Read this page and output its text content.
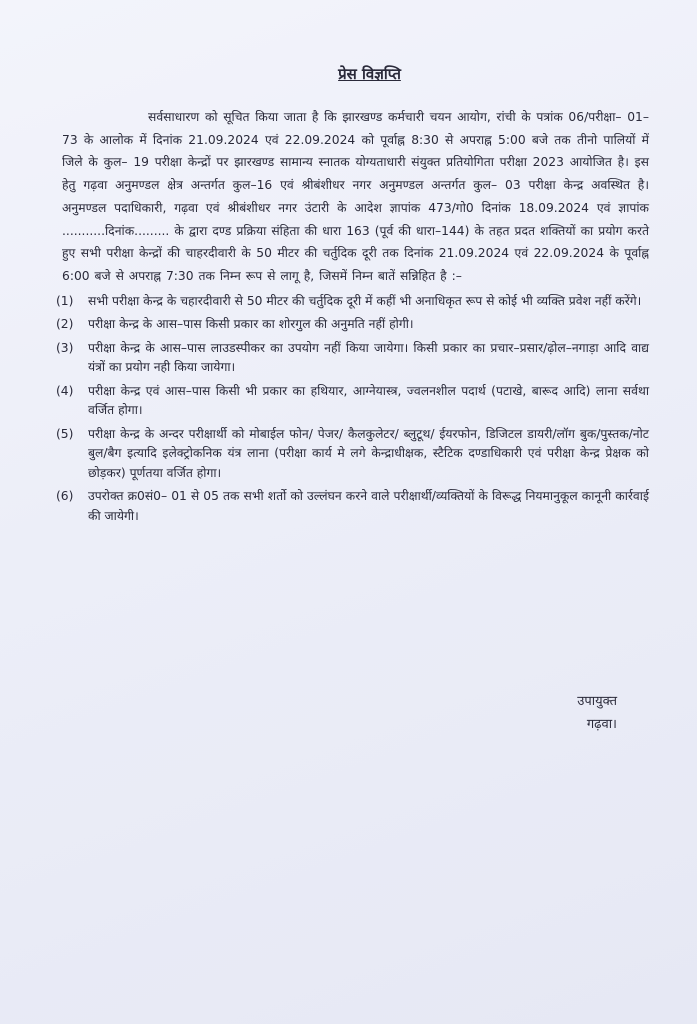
प्रेस विज्ञप्ति

सर्वसाधारण को सूचित किया जाता है कि झारखण्ड कर्मचारी चयन आयोग, रांची के पत्रांक 06/परीक्षा– 01–73 के आलोक में दिनांक 21.09.2024 एवं 22.09.2024 को पूर्वाह्न 8:30 से अपराह्न 5:00 बजे तक तीनो पालियों में जिले के कुल– 19 परीक्षा केन्द्रों पर झारखण्ड सामान्य स्नातक योग्यताधारी संयुक्त प्रतियोगिता परीक्षा 2023 आयोजित है। इस हेतु गढ़वा अनुमण्डल क्षेत्र अन्तर्गत कुल–16 एवं श्रीबंशीधर नगर अनुमण्डल अन्तर्गत कुल– 03 परीक्षा केन्द्र अवस्थित है। अनुमण्डल पदाधिकारी, गढ़वा एवं श्रीबंशीधर नगर उंटारी के आदेश ज्ञापांक 473/गो0 दिनांक 18.09.2024 एवं ज्ञापांक ...........दिनांक......... के द्वारा दण्ड प्रक्रिया संहिता की धारा 163 (पूर्व की धारा–144) के तहत प्रदत शक्तियों का प्रयोग करते हुए सभी परीक्षा केन्द्रों की चाहरदीवारी के 50 मीटर की चर्तुदिक दूरी तक दिनांक 21.09.2024 एवं 22.09.2024 के पूर्वाह्न 6:00 बजे से अपराह्न 7:30 तक निम्न रूप से लागू है, जिसमें निम्न बातें सन्निहित है :–

(1)	सभी परीक्षा केन्द्र के चहारदीवारी से 50 मीटर की चर्तुदिक दूरी में कहीं भी अनाधिकृत रूप से कोई भी व्यक्ति प्रवेश नहीं करेंगे।
(2)	परीक्षा केन्द्र के आस–पास किसी प्रकार का शोरगुल की अनुमति नहीं होगी।
(3)	परीक्षा केन्द्र के आस–पास लाउडस्पीकर का उपयोग नहीं किया जायेगा। किसी प्रकार का प्रचार–प्रसार/ढ़ोल–नगाड़ा आदि वाद्य यंत्रों का प्रयोग नही किया जायेगा।
(4)	परीक्षा केन्द्र एवं आस–पास किसी भी प्रकार का हथियार, आग्नेयास्त्र, ज्वलनशील पदार्थ (पटाखे, बारूद आदि) लाना सर्वथा वर्जित होगा।
(5)	परीक्षा केन्द्र के अन्दर परीक्षार्थी को मोबाईल फोन/ पेजर/ कैलकुलेटर/ ब्लुटूथ/ ईयरफोन, डिजिटल डायरी/लॉग बुक/पुस्तक/नोट बुल/बैग इत्यादि इलेक्ट्रोकनिक यंत्र लाना (परीक्षा कार्य मे लगे केन्द्राधीक्षक, स्टैटिक दण्डाधिकारी एवं परीक्षा केन्द्र प्रेक्षक को छोड़कर) पूर्णतया वर्जित होगा।
(6)	उपरोक्त क्र0सं0– 01 से 05 तक सभी शर्तो को उल्लंघन करने वाले परीक्षार्थी/व्यक्तियों के विरूद्ध नियमानुकूल कानूनी कार्रवाई की जायेगी।
उपायुक्त
गढ़वा।
